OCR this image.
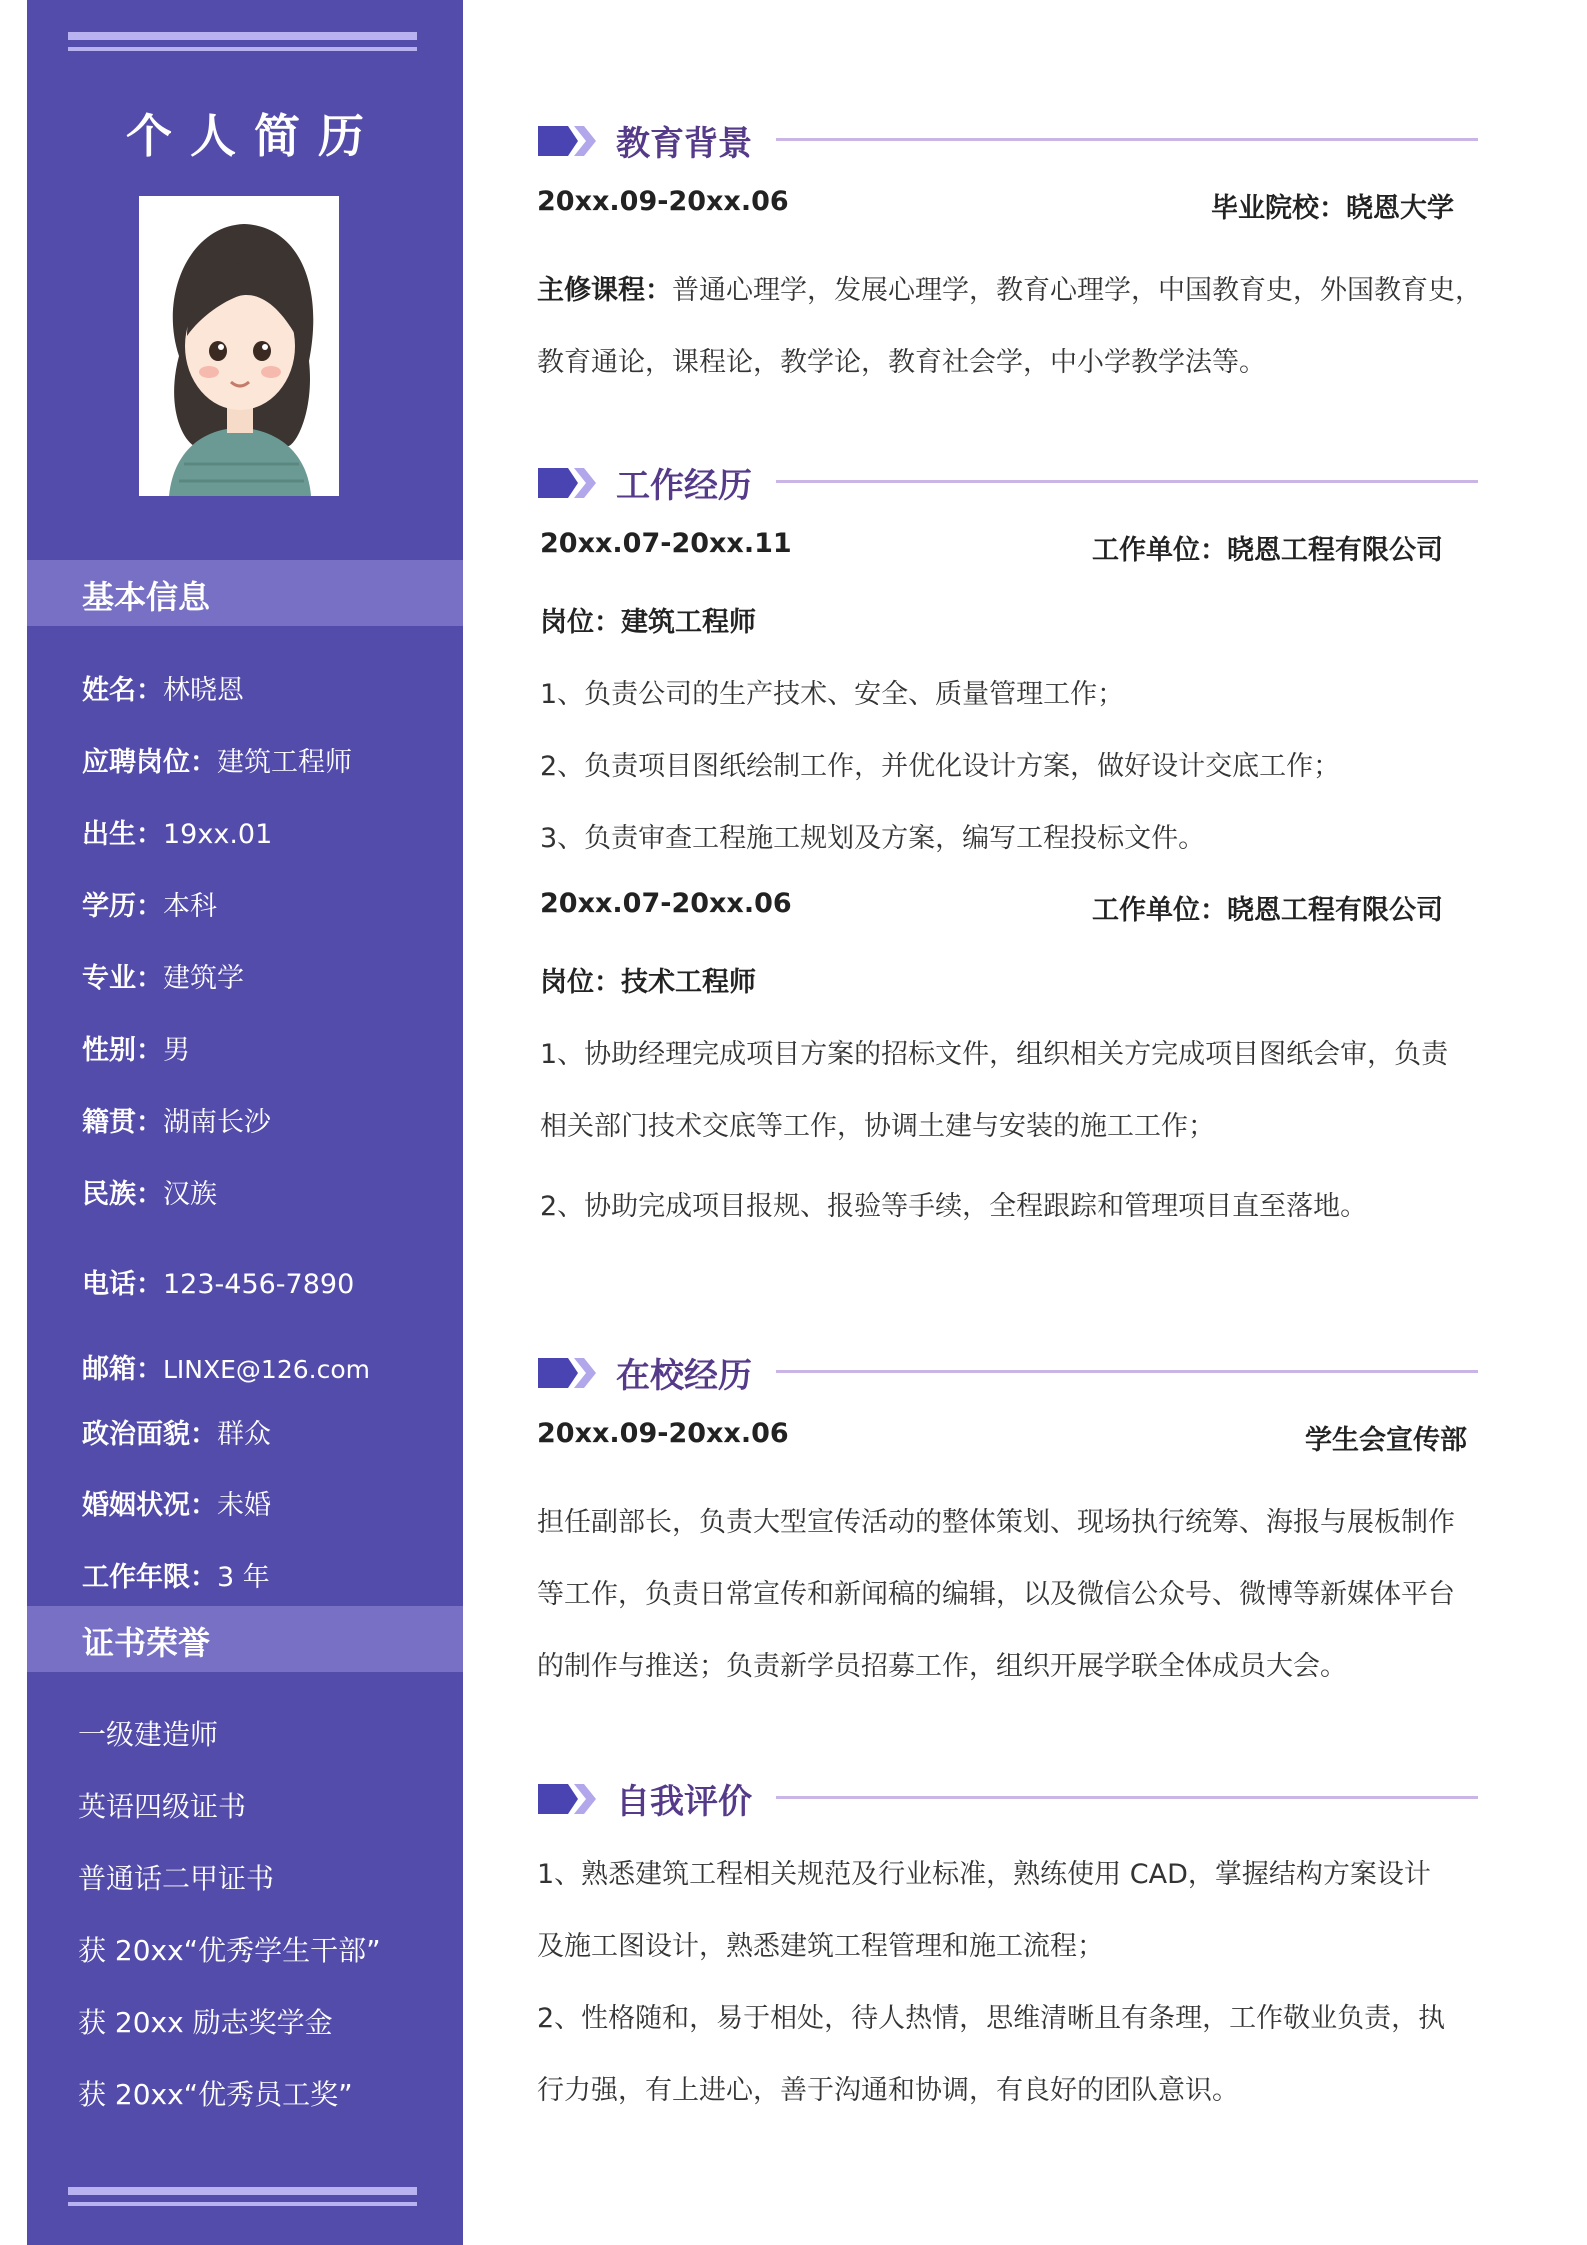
个人简历
基本信息
姓名：林晓恩
应聘岗位：建筑工程师
出生：19xx.01
学历：本科
专业：建筑学
性别：男
籍贯：湖南长沙
民族：汉族
电话：123-456-7890
邮箱：LINXE@126.com
政治面貌：群众
婚姻状况：未婚
工作年限：3 年
证书荣誉
一级建造师
英语四级证书
普通话二甲证书
获 20xx“优秀学生干部”
获 20xx 励志奖学金
获 20xx“优秀员工奖”
教育背景
20xx.09-20xx.06	毕业院校：晓恩大学
主修课程：普通心理学，发展心理学，教育心理学，中国教育史，外国教育史，
教育通论，课程论，教学论，教育社会学，中小学教学法等。
工作经历
20xx.07-20xx.11	工作单位：晓恩工程有限公司
岗位：建筑工程师
1、负责公司的生产技术、安全、质量管理工作；
2、负责项目图纸绘制工作，并优化设计方案，做好设计交底工作；
3、负责审查工程施工规划及方案，编写工程投标文件。
20xx.07-20xx.06	工作单位：晓恩工程有限公司
岗位：技术工程师
1、协助经理完成项目方案的招标文件，组织相关方完成项目图纸会审，负责
相关部门技术交底等工作，协调土建与安装的施工工作；
2、协助完成项目报规、报验等手续，全程跟踪和管理项目直至落地。
在校经历
20xx.09-20xx.06	学生会宣传部
担任副部长，负责大型宣传活动的整体策划、现场执行统筹、海报与展板制作
等工作，负责日常宣传和新闻稿的编辑，以及微信公众号、微博等新媒体平台
的制作与推送；负责新学员招募工作，组织开展学联全体成员大会。
自我评价
1、熟悉建筑工程相关规范及行业标准，熟练使用 CAD，掌握结构方案设计
及施工图设计，熟悉建筑工程管理和施工流程；
2、性格随和，易于相处，待人热情，思维清晰且有条理，工作敬业负责，执
行力强，有上进心，善于沟通和协调，有良好的团队意识。
